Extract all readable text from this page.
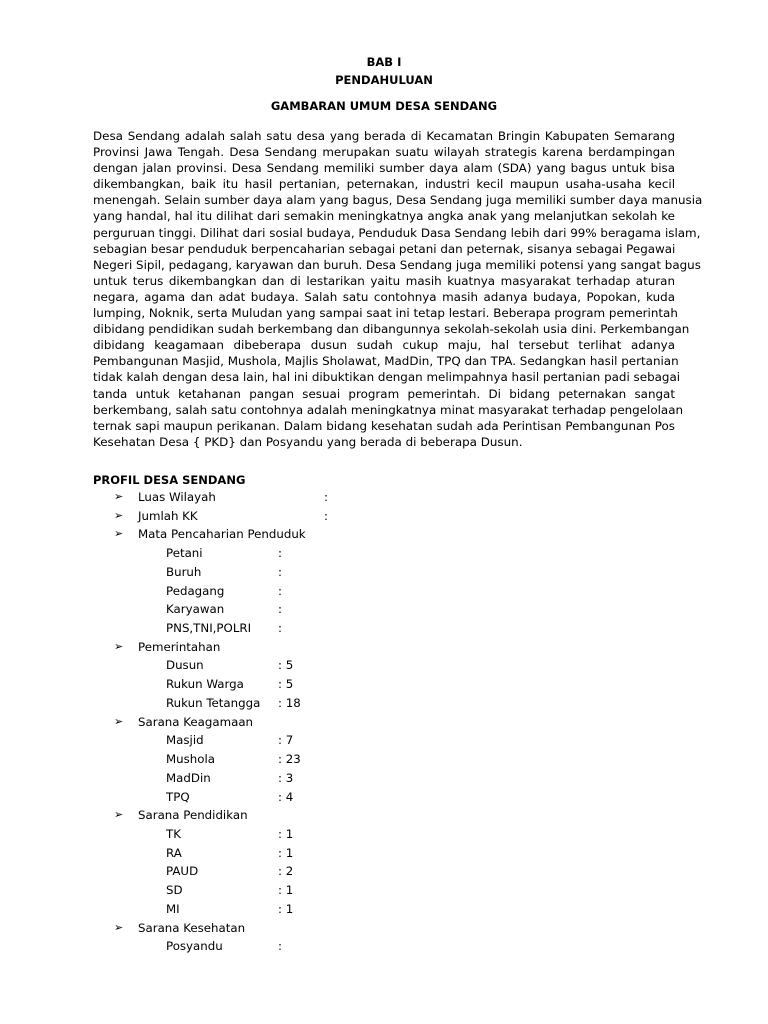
BAB I
PENDAHULUAN
GAMBARAN UMUM DESA SENDANG
Desa Sendang adalah salah satu desa yang berada di Kecamatan Bringin Kabupaten Semarang
Provinsi Jawa Tengah. Desa Sendang merupakan suatu wilayah strategis karena berdampingan
dengan jalan provinsi. Desa Sendang memiliki sumber daya alam (SDA) yang bagus untuk bisa
dikembangkan, baik itu hasil pertanian, peternakan, industri kecil maupun usaha-usaha kecil
menengah. Selain sumber daya alam yang bagus, Desa Sendang juga memiliki sumber daya manusia
yang handal, hal itu dilihat dari semakin meningkatnya angka anak yang melanjutkan sekolah ke
perguruan tinggi. Dilihat dari sosial budaya, Penduduk Dasa Sendang lebih dari 99% beragama islam,
sebagian besar penduduk berpencaharian sebagai petani dan peternak, sisanya sebagai Pegawai
Negeri Sipil, pedagang, karyawan dan buruh. Desa Sendang juga memiliki potensi yang sangat bagus
untuk terus dikembangkan dan di lestarikan yaitu masih kuatnya masyarakat terhadap aturan
negara, agama dan adat budaya. Salah satu contohnya masih adanya budaya, Popokan, kuda
lumping, Noknik, serta Muludan yang sampai saat ini tetap lestari. Beberapa program pemerintah
dibidang pendidikan sudah berkembang dan dibangunnya sekolah-sekolah usia dini. Perkembangan
dibidang keagamaan dibeberapa dusun sudah cukup maju, hal tersebut terlihat adanya
Pembangunan Masjid, Mushola, Majlis Sholawat, MadDin, TPQ dan TPA. Sedangkan hasil pertanian
tidak kalah dengan desa lain, hal ini dibuktikan dengan melimpahnya hasil pertanian padi sebagai
tanda untuk ketahanan pangan sesuai program pemerintah. Di bidang peternakan sangat
berkembang, salah satu contohnya adalah meningkatnya minat masyarakat terhadap pengelolaan
ternak sapi maupun perikanan. Dalam bidang kesehatan sudah ada Perintisan Pembangunan Pos
Kesehatan Desa { PKD} dan Posyandu yang berada di beberapa Dusun.
PROFIL DESA SENDANG
➢ Luas Wilayah	:
➢ Jumlah KK	:
➢ Mata Pencaharian Penduduk
Petani	:
Buruh	:
Pedagang	:
Karyawan	:
PNS,TNI,POLRI :
➢ Pemerintahan
Dusun	: 5
Rukun Warga	: 5
Rukun Tetangga : 18
➢ Sarana Keagamaan
Masjid	: 7
Mushola	: 23
MadDin	: 3
TPQ	: 4
➢ Sarana Pendidikan
TK	: 1
RA	: 1
PAUD	: 2
SD	: 1
MI	: 1
➢ Sarana Kesehatan
Posyandu	:
